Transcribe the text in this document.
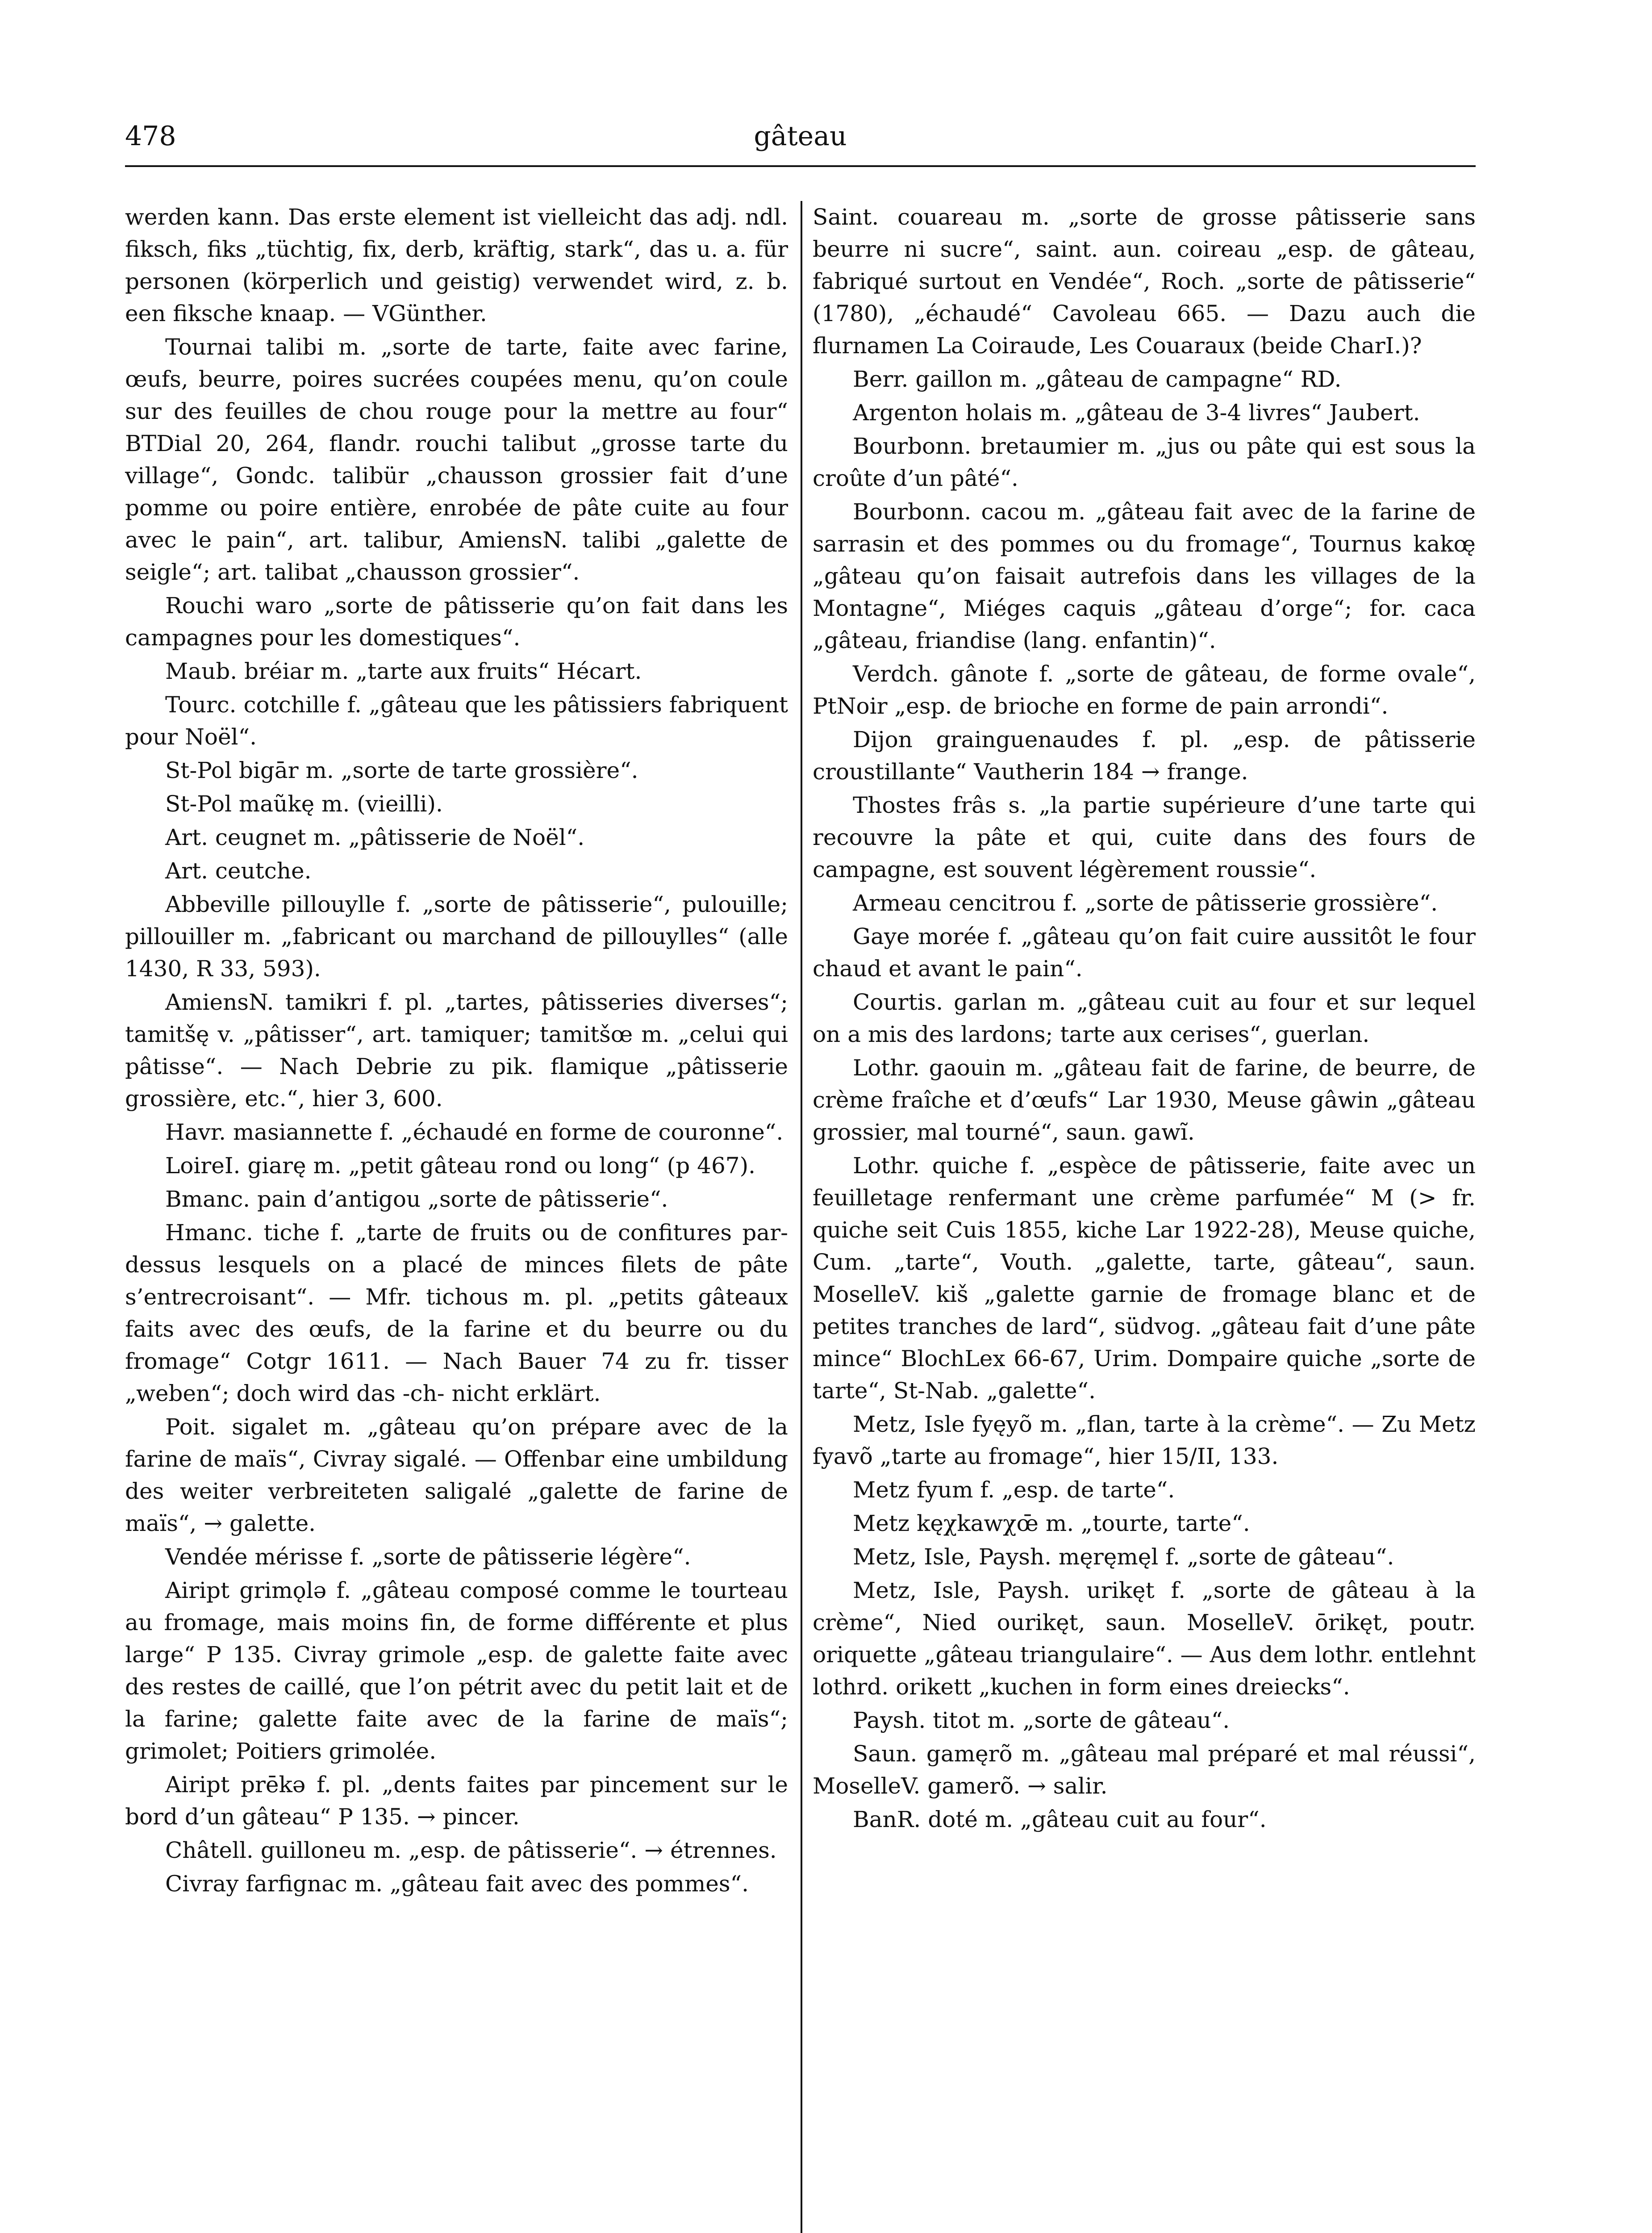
478	gâteau

werden kann. Das erste element ist vielleicht das adj. ndl. fiksch, fiks „tüchtig, fix, derb, kräftig, stark“, das u. a. für personen (körperlich und geistig) verwendet wird, z. b. een fiksche knaap. — VGünther.

Tournai talibi m. „sorte de tarte, faite avec farine, œufs, beurre, poires sucrées coupées menu, qu’on coule sur des feuilles de chou rouge pour la mettre au four“ BTDial 20, 264, flandr. rouchi talibut „grosse tarte du village“, Gondc. talibür „chausson grossier fait d’une pomme ou poire entière, enrobée de pâte cuite au four avec le pain“, art. talibur, AmiensN. talibi „galette de seigle“; art. talibat „chausson grossier“.

Rouchi waro „sorte de pâtisserie qu’on fait dans les campagnes pour les domestiques“.

Maub. bréiar m. „tarte aux fruits“ Hécart.

Tourc. cotchille f. „gâteau que les pâtissiers fabriquent pour Noël“.

St-Pol bigār m. „sorte de tarte grossière“.

St-Pol maũkę m. (vieilli).

Art. ceugnet m. „pâtisserie de Noël“.

Art. ceutche.

Abbeville pillouylle f. „sorte de pâtisserie“, pulouille; pillouiller m. „fabricant ou marchand de pillouylles“ (alle 1430, R 33, 593).

AmiensN. tamikri f. pl. „tartes, pâtisseries diverses“; tamitšę v. „pâtisser“, art. tamiquer; tamitšœ m. „celui qui pâtisse“. — Nach Debrie zu pik. flamique „pâtisserie grossière, etc.“, hier 3, 600.

Havr. masiannette f. „échaudé en forme de couronne“.

LoireI. giarę m. „petit gâteau rond ou long“ (p 467).

Bmanc. pain d’antigou „sorte de pâtisserie“.

Hmanc. tiche f. „tarte de fruits ou de confitures par-dessus lesquels on a placé de minces filets de pâte s’entrecroisant“. — Mfr. tichous m. pl. „petits gâteaux faits avec des œufs, de la farine et du beurre ou du fromage“ Cotgr 1611. — Nach Bauer 74 zu fr. tisser „weben“; doch wird das -ch- nicht erklärt.

Poit. sigalet m. „gâteau qu’on prépare avec de la farine de maïs“, Civray sigalé. — Offenbar eine umbildung des weiter verbreiteten saligalé „galette de farine de maïs“, → galette.

Vendée mérisse f. „sorte de pâtisserie légère“.

Aiript grimǫlə f. „gâteau composé comme le tourteau au fromage, mais moins fin, de forme différente et plus large“ P 135. Civray grimole „esp. de galette faite avec des restes de caillé, que l’on pétrit avec du petit lait et de la farine; galette faite avec de la farine de maïs“; grimolet; Poitiers grimolée.

Aiript prēkə f. pl. „dents faites par pincement sur le bord d’un gâteau“ P 135. → pincer.

Châtell. guilloneu m. „esp. de pâtisserie“. → étrennes.

Civray farfignac m. „gâteau fait avec des pommes“.

Saint. couareau m. „sorte de grosse pâtisserie sans beurre ni sucre“, saint. aun. coireau „esp. de gâteau, fabriqué surtout en Vendée“, Roch. „sorte de pâtisserie“ (1780), „échaudé“ Cavoleau 665. — Dazu auch die flurnamen La Coiraude, Les Couaraux (beide CharI.)?

Berr. gaillon m. „gâteau de campagne“ RD.

Argenton holais m. „gâteau de 3-4 livres“ Jaubert.

Bourbonn. bretaumier m. „jus ou pâte qui est sous la croûte d’un pâté“.

Bourbonn. cacou m. „gâteau fait avec de la farine de sarrasin et des pommes ou du fromage“, Tournus kakœ̨ „gâteau qu’on faisait autrefois dans les villages de la Montagne“, Miéges caquis „gâteau d’orge“; for. caca „gâteau, friandise (lang. enfantin)“.

Verdch. gânote f. „sorte de gâteau, de forme ovale“, PtNoir „esp. de brioche en forme de pain arrondi“.

Dijon grainguenaudes f. pl. „esp. de pâtisserie croustillante“ Vautherin 184 → frange.

Thostes frâs s. „la partie supérieure d’une tarte qui recouvre la pâte et qui, cuite dans des fours de campagne, est souvent légèrement roussie“.

Armeau cencitrou f. „sorte de pâtisserie grossière“.

Gaye morée f. „gâteau qu’on fait cuire aussitôt le four chaud et avant le pain“.

Courtis. garlan m. „gâteau cuit au four et sur lequel on a mis des lardons; tarte aux cerises“, guerlan.

Lothr. gaouin m. „gâteau fait de farine, de beurre, de crème fraîche et d’œufs“ Lar 1930, Meuse gâwin „gâteau grossier, mal tourné“, saun. gawĩ.

Lothr. quiche f. „espèce de pâtisserie, faite avec un feuilletage renfermant une crème parfumée“ M (> fr. quiche seit Cuis 1855, kiche Lar 1922-28), Meuse quiche, Cum. „tarte“, Vouth. „galette, tarte, gâteau“, saun. MoselleV. kiš „galette garnie de fromage blanc et de petites tranches de lard“, südvog. „gâteau fait d’une pâte mince“ BlochLex 66-67, Urim. Dompaire quiche „sorte de tarte“, St-Nab. „galette“.

Metz, Isle fyęyõ m. „flan, tarte à la crème“. — Zu Metz fyavõ „tarte au fromage“, hier 15/II, 133.

Metz fyum f. „esp. de tarte“.

Metz kęχkawχœ̄ m. „tourte, tarte“.

Metz, Isle, Paysh. męręmęl f. „sorte de gâteau“.

Metz, Isle, Paysh. urikęt f. „sorte de gâteau à la crème“, Nied ourikęt, saun. MoselleV. ōrikęt, poutr. oriquette „gâteau triangulaire“. — Aus dem lothr. entlehnt lothrd. orikett „kuchen in form eines dreiecks“.

Paysh. titot m. „sorte de gâteau“.

Saun. gamęrõ m. „gâteau mal préparé et mal réussi“, MoselleV. gamerõ. → salir.

BanR. doté m. „gâteau cuit au four“.
